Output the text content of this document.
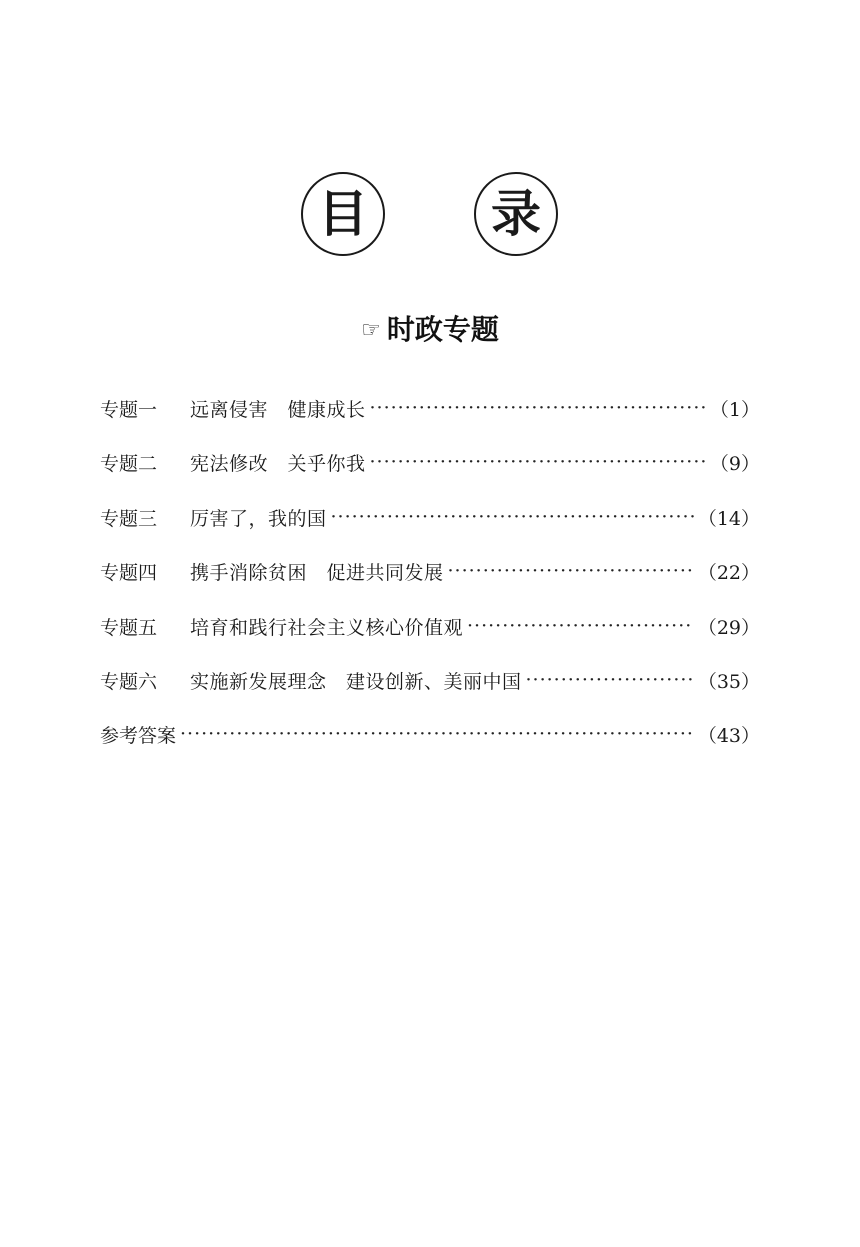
目	录
☞ 时政专题
专题一	远离侵害　健康成长 ·····	（1）
专题二	宪法修改　关乎你我 ·····	（9）
专题三	厉害了，我的国 ·····	（14）
专题四	携手消除贫困　促进共同发展 ·····	（22）
专题五	培育和践行社会主义核心价值观 ·····	（29）
专题六	实施新发展理念　建设创新、美丽中国 ·····	（35）
参考答案 ·····	（43）
